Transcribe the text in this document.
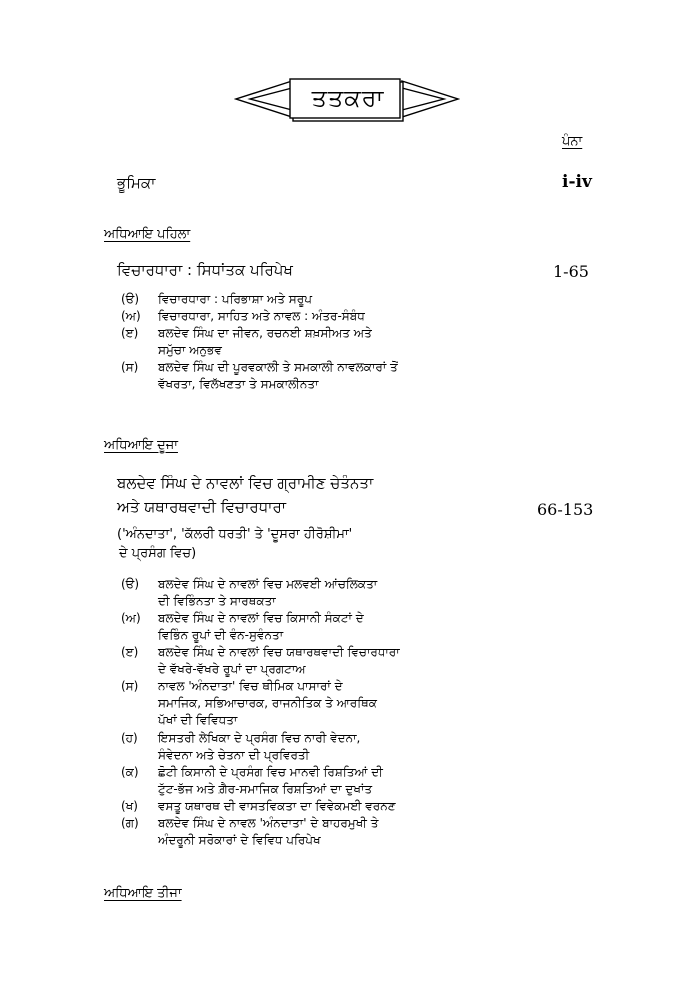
ਤਤਕਰਾ
ਪੰਨਾ
ਭੂਮਿਕਾ	i-iv
ਅਧਿਆਇ ਪਹਿਲਾ
ਵਿਚਾਰਧਾਰਾ : ਸਿਧਾਂਤਕ ਪਰਿਪੇਖ	1-65
(ੳ)	ਵਿਚਾਰਧਾਰਾ : ਪਰਿਭਾਸ਼ਾ ਅਤੇ ਸਰੂਪ
(ਅ)	ਵਿਚਾਰਧਾਰਾ, ਸਾਹਿਤ ਅਤੇ ਨਾਵਲ : ਅੰਤਰ-ਸੰਬੰਧ
(ੲ)	ਬਲਦੇਵ ਸਿੰਘ ਦਾ ਜੀਵਨ, ਰਚਨਈ ਸ਼ਖ਼ਸੀਅਤ ਅਤੇ
ਸਮੁੱਚਾ ਅਨੁਭਵ
(ਸ)	ਬਲਦੇਵ ਸਿੰਘ ਦੀ ਪੂਰਵਕਾਲੀ ਤੇ ਸਮਕਾਲੀ ਨਾਵਲਕਾਰਾਂ ਤੋਂ
ਵੱਖਰਤਾ, ਵਿਲੱਖਣਤਾ ਤੇ ਸਮਕਾਲੀਨਤਾ
ਅਧਿਆਇ ਦੂਜਾ
ਬਲਦੇਵ ਸਿੰਘ ਦੇ ਨਾਵਲਾਂ ਵਿਚ ਗ੍ਰਾਮੀਣ ਚੇਤੰਨਤਾ
ਅਤੇ ਯਥਾਰਥਵਾਦੀ ਵਿਚਾਰਧਾਰਾ	66-153
('ਅੰਨਦਾਤਾ', 'ਕੱਲਰੀ ਧਰਤੀ' ਤੇ 'ਦੂਸਰਾ ਹੀਰੋਸ਼ੀਮਾ'
ਦੇ ਪ੍ਰਸੰਗ ਵਿਚ)
(ੳ)	ਬਲਦੇਵ ਸਿੰਘ ਦੇ ਨਾਵਲਾਂ ਵਿਚ ਮਲਵਈ ਆਂਚਲਿਕਤਾ
ਦੀ ਵਿਭਿੰਨਤਾ ਤੇ ਸਾਰਥਕਤਾ
(ਅ)	ਬਲਦੇਵ ਸਿੰਘ ਦੇ ਨਾਵਲਾਂ ਵਿਚ ਕਿਸਾਨੀ ਸੰਕਟਾਂ ਦੇ
ਵਿਭਿੰਨ ਰੂਪਾਂ ਦੀ ਵੰਨ-ਸੁਵੰਨਤਾ
(ੲ)	ਬਲਦੇਵ ਸਿੰਘ ਦੇ ਨਾਵਲਾਂ ਵਿਚ ਯਥਾਰਥਵਾਦੀ ਵਿਚਾਰਧਾਰਾ
ਦੇ ਵੱਖਰੇ-ਵੱਖਰੇ ਰੂਪਾਂ ਦਾ ਪ੍ਰਗਟਾਅ
(ਸ)	ਨਾਵਲ 'ਅੰਨਦਾਤਾ' ਵਿਚ ਥੀਮਿਕ ਪਾਸਾਰਾਂ ਦੇ
ਸਮਾਜਿਕ, ਸਭਿਆਚਾਰਕ, ਰਾਜਨੀਤਿਕ ਤੇ ਆਰਥਿਕ
ਪੱਖਾਂ ਦੀ ਵਿਵਿਧਤਾ
(ਹ)	ਇਸਤਰੀ ਲੇਖਿਕਾ ਦੇ ਪ੍ਰਸੰਗ ਵਿਚ ਨਾਰੀ ਵੇਦਨਾ,
ਸੰਵੇਦਨਾ ਅਤੇ ਚੇਤਨਾ ਦੀ ਪ੍ਰਵਿਰਤੀ
(ਕ)	ਛੋਟੀ ਕਿਸਾਨੀ ਦੇ ਪ੍ਰਸੰਗ ਵਿਚ ਮਾਨਵੀ ਰਿਸ਼ਤਿਆਂ ਦੀ
ਟੁੱਟ-ਭੱਜ ਅਤੇ ਗ਼ੈਰ-ਸਮਾਜਿਕ ਰਿਸ਼ਤਿਆਂ ਦਾ ਦੁਖਾਂਤ
(ਖ)	ਵਸਤੂ ਯਥਾਰਥ ਦੀ ਵਾਸਤਵਿਕਤਾ ਦਾ ਵਿਵੇਕਮਈ ਵਰਨਣ
(ਗ)	ਬਲਦੇਵ ਸਿੰਘ ਦੇ ਨਾਵਲ 'ਅੰਨਦਾਤਾ' ਦੇ ਬਾਹਰਮੁਖੀ ਤੇ
ਅੰਦਰੂਨੀ ਸਰੋਕਾਰਾਂ ਦੇ ਵਿਵਿਧ ਪਰਿਪੇਖ
ਅਧਿਆਇ ਤੀਜਾ
